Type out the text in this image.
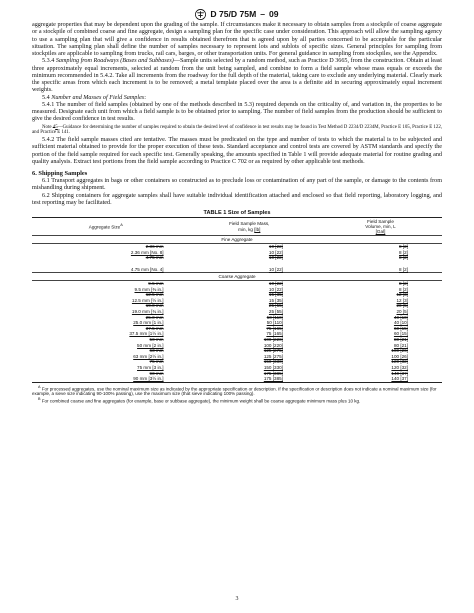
D 75/D 75M – 09

aggregate properties that may be dependent upon the grading of the sample. If circumstances make it necessary to obtain samples from a stockpile of coarse aggregate or a stockpile of combined coarse and fine aggregate, design a sampling plan for the specific case under consideration. This approach will allow the sampling agency to use a sampling plan that will give a confidence in results obtained therefrom that is agreed upon by all parties concerned to be acceptable for the particular situation. The sampling plan shall define the number of samples necessary to represent lots and sublots of specific sizes. General principles for sampling from stockpiles are applicable to sampling from trucks, rail cars, barges, or other transportation units. For general guidance in sampling from stockpiles, see the Appendix.

5.3.4 Sampling from Roadways (Bases and Subbases)—Sample units selected by a random method, such as Practice D 3665, from the construction. Obtain at least three approximately equal increments, selected at random from the unit being sampled, and combine to form a field sample whose mass equals or exceeds the minimum recommended in 5.4.2. Take all increments from the roadway for the full depth of the material, taking care to exclude any underlying material. Clearly mark the specific areas from which each increment is to be removed; a metal template placed over the area is a definite aid in securing approximately equal increment weights.

5.4 Number and Masses of Field Samples:

5.4.1 The number of field samples (obtained by one of the methods described in 5.3) required depends on the criticality of, and variation in, the properties to be measured. Designate each unit from which a field sample is to be obtained prior to sampling. The number of field samples from the production should be sufficient to give the desired confidence in test results.

Note 45—Guidance for determining the number of samples required to obtain the desired level of confidence in test results may be found in Test Method D 2234/D 2234M, Practice E 105, Practice E 122, and Practice E 141.

5.4.2 The field sample masses cited are tentative. The masses must be predicated on the type and number of tests to which the material is to be subjected and sufficient material obtained to provide for the proper execution of these tests. Standard acceptance and control tests are covered by ASTM standards and specify the portion of the field sample required for each specific test. Generally speaking, the amounts specified in Table 1 will provide adequate material for routine grading and quality analysis. Extract test portions from the field sample according to Practice C 702 or as required by other applicable test methods.

6. Shipping Samples

6.1 Transport aggregates in bags or other containers so constructed as to preclude loss or contamination of any part of the sample, or damage to the contents from mishandling during shipment.

6.2 Shipping containers for aggregate samples shall have suitable individual identification attached and enclosed so that field reporting, laboratory logging, and test reporting may be facilitated.

TABLE 1 Size of Samples
Aggregate Size$^A$	Field Sample Mass,
min, kg [lb]	Field Sample
Volume, min, L
[Gal]
Fine Aggregate		
2.36 mm	10 [22]	8 [2]
2.36 mm [No. 8]	10 [22]	8 [2]
4.75 mm	10 [22]	8 [2]

4.75 mm [No. 4]	10 [22]	8 [2]
Coarse Aggregate		
9.5 mm	10 [22]	8 [2]
9.5 mm [⅜ in.]	10 [22]	8 [2]
12.5 mm	15 [35]	12 [3]
12.5 mm [½ in.]	15 [35]	12 [3]
19.0 mm	25 [55]	20 [5]
19.0 mm [¾ in.]	25 [55]	20 [5]
25.0 mm	50 [110]	40 [10]
25.0 mm [1 in.]	50 [110]	40 [10]
37.5 mm	75 [165]	60 [15]
37.5 mm [1½ in.]	75 [165]	60 [15]
50 mm	100 [220]	80 [21]
50 mm [2 in.]	100 [220]	80 [21]
63 mm	125 [275]	100 [26]
63 mm [2½ in.]	125 [275]	100 [26]
75 mm	150 [330]	120 [32]
75 mm [3 in.]	150 [330]	120 [32]
90 mm	175 [385]	140 [37]
90 mm [3½ in.]	175 [385]	140 [37]

$^A$ For processed aggregates, use the nominal maximum size as indicated by the appropriate specification or description. If the specification or description does not indicate a nominal maximum size (for example, a sieve size indicating 90-100% passing), use the maximum size (that sieve indicating 100% passing).

$^B$ For combined coarse and fine aggregates (for example, base or subbase aggregate), the minimum weight shall be coarse aggregate minimum mass plus 10 kg.

3
